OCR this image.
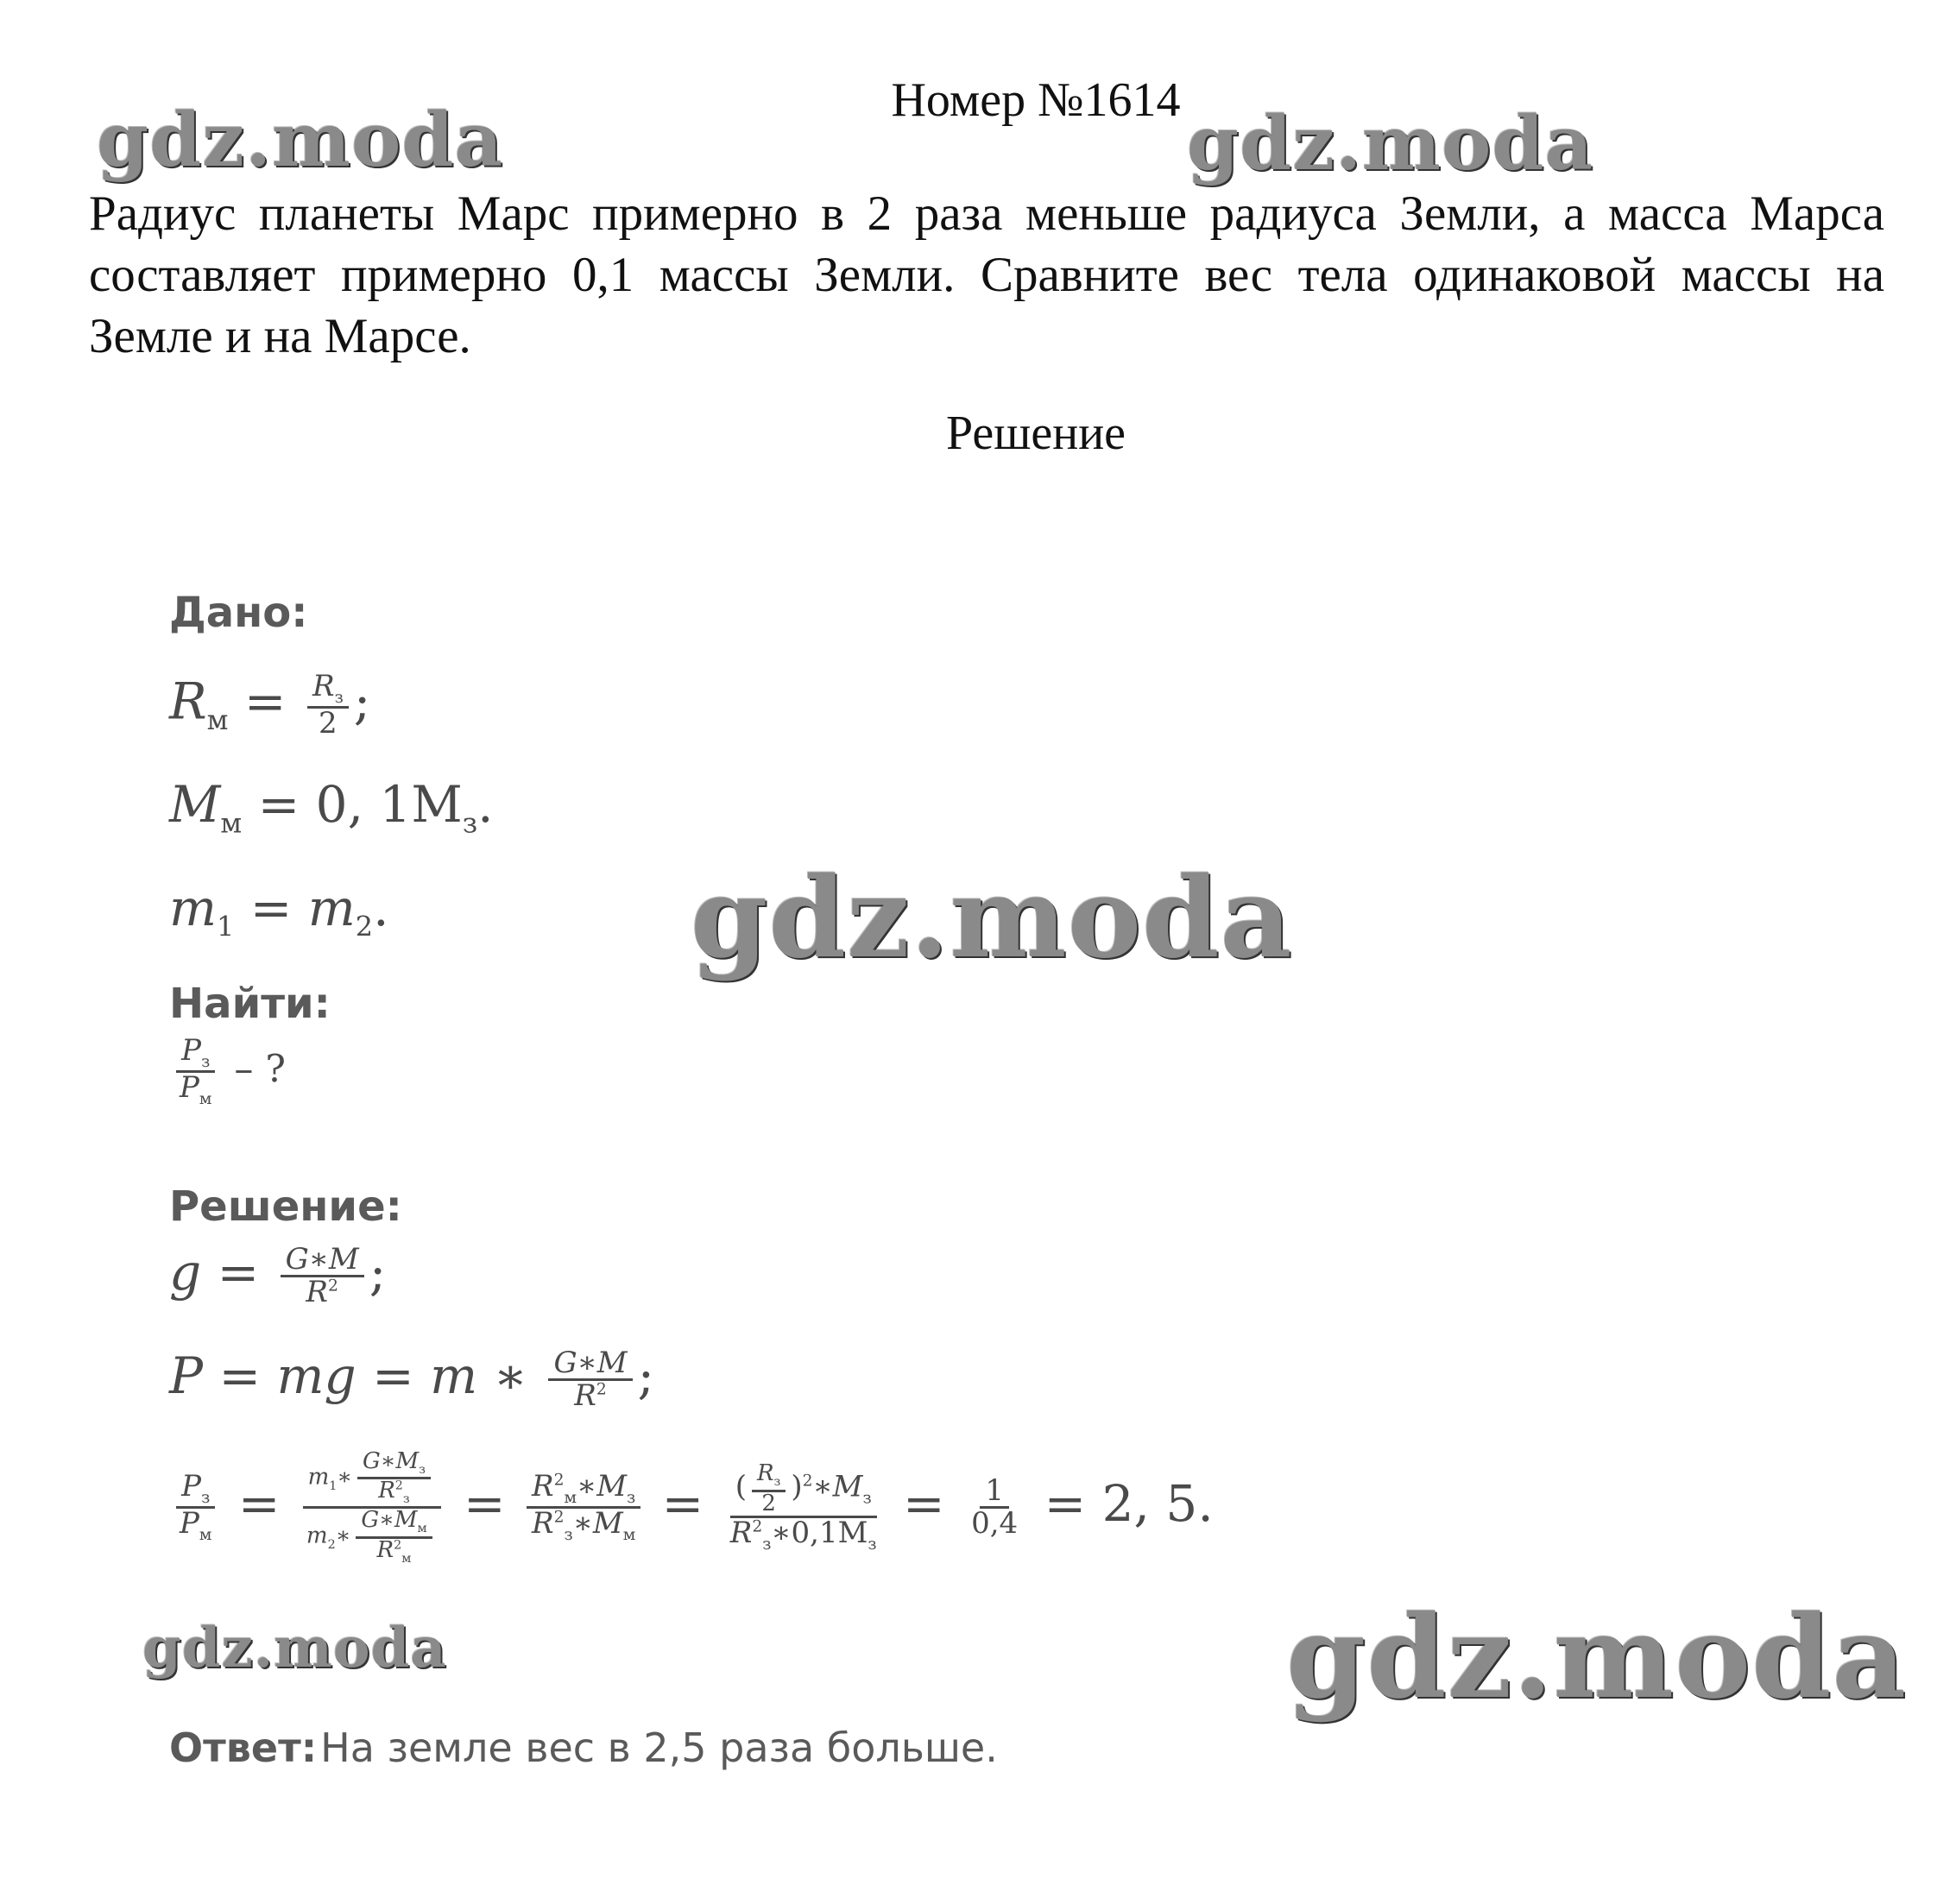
Номер №1614
gdz.moda	gdz.moda
Радиус планеты Марс примерно в 2 раза меньше радиуса Земли, а масса Марса составляет примерно 0,1 массы Земли. Сравните вес тела одинаковой массы на Земле и на Марсе.
Решение
Дано:
$R_м = \frac{R_з}{2}$ ;
$M_м = 0$, $1M_з$.
$m_1 = m_2$.
Найти:
$\frac{P_з}{P_м}$ – ?
Решение:
$g = \frac{G∗M}{R^2}$ ;
P = mg = m ∗ $\frac{G∗M}{R^2}$ ;
$\frac{P_з}{P_м} = \frac{m_1∗ \frac{G∗M_з}{R^2_з}}{m_2∗ \frac{G∗M_м}{R^2_м}} = \frac{R^2_м∗M_з}{R^2_з∗M_м} = \frac{( \frac{R_з}{2} )^2∗M_з}{R^2_з∗0,1M_з} = \frac{1}{0,4} = 2$, 5.
gdz.moda
gdz.moda	gdz.moda
Ответ: На земле вес в 2,5 раза больше.
